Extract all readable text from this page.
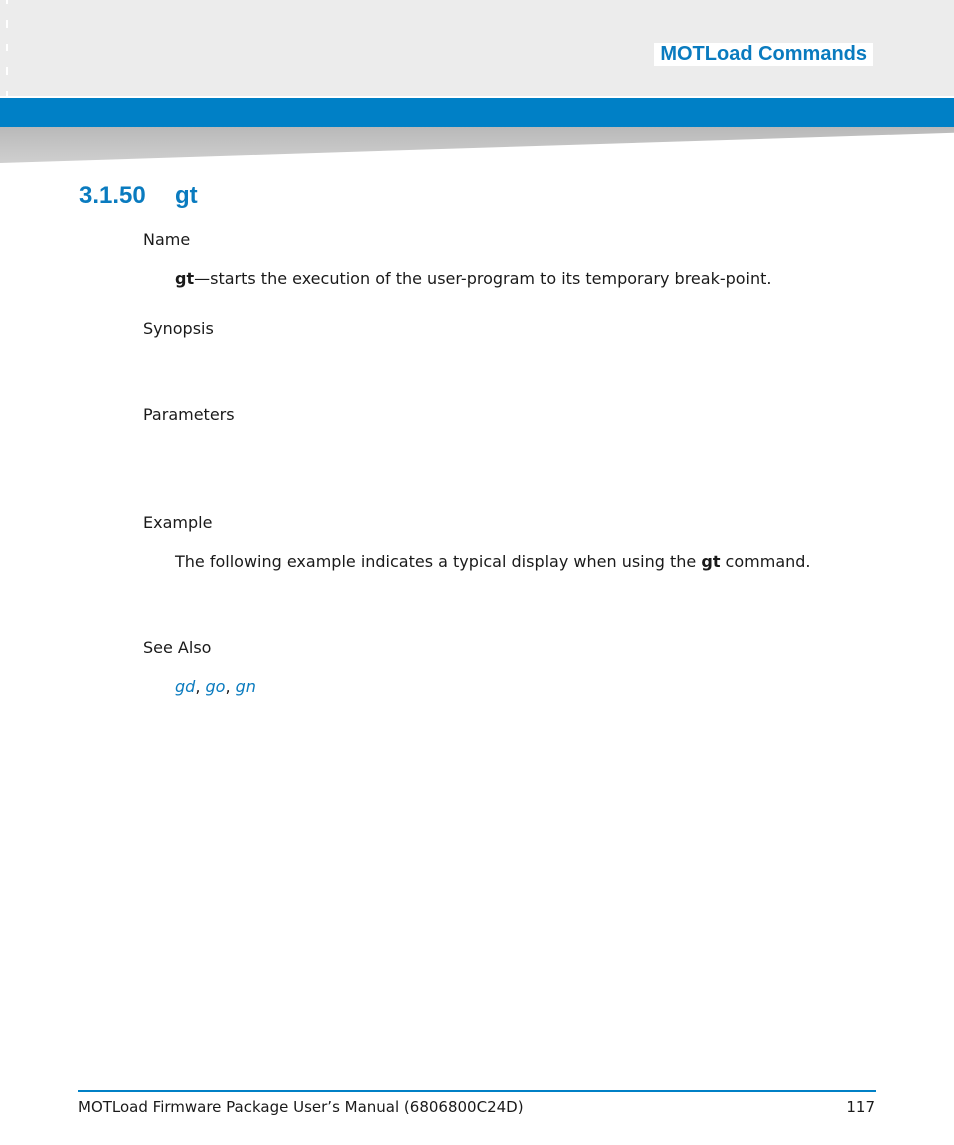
MOTLoad Commands
3.1.50 gt
Name
gt—starts the execution of the user-program to its temporary break-point.
Synopsis
Parameters
Example
The following example indicates a typical display when using the gt command.
See Also
gd, go, gn
MOTLoad Firmware Package User’s Manual (6806800C24D)	117
